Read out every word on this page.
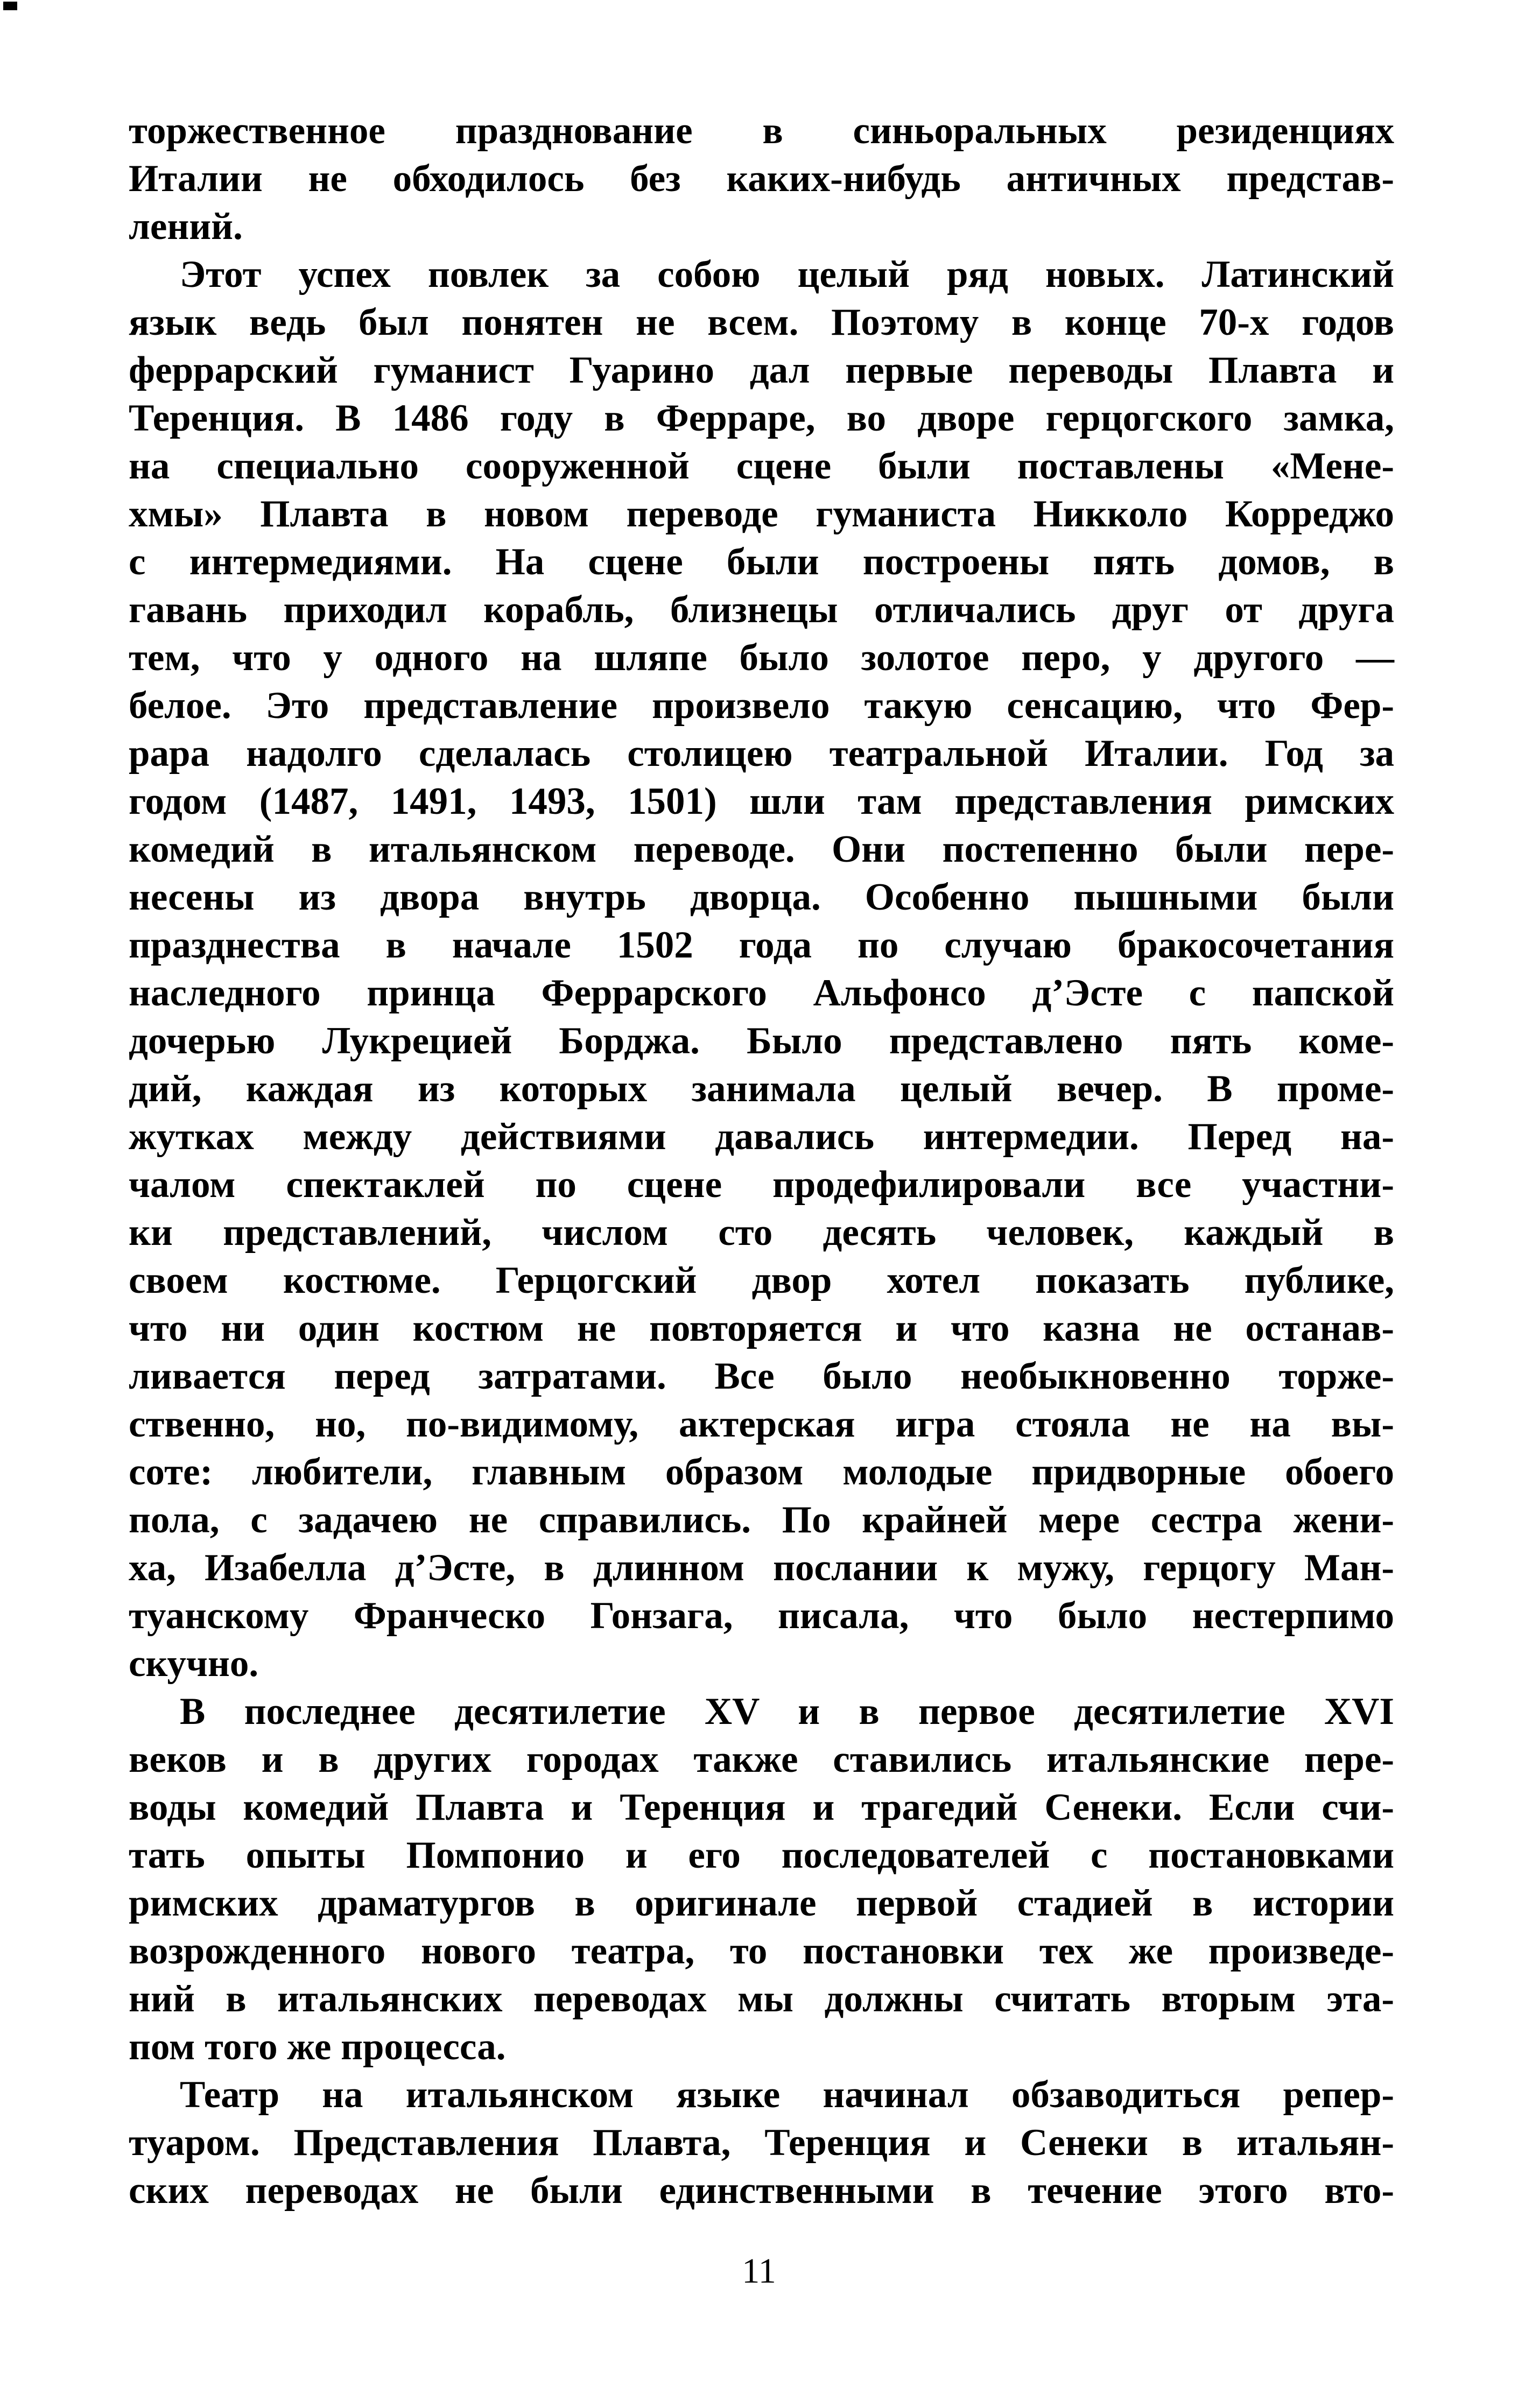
торжественное празднование в синьоральных резиденциях
Италии не обходилось без каких-нибудь античных представ-
лений.
Этот успех повлек за собою целый ряд новых. Латинский
язык ведь был понятен не всем. Поэтому в конце 70-х годов
феррарский гуманист Гуарино дал первые переводы Плавта и
Теренция. В 1486 году в Ферраре, во дворе герцогского замка,
на специально сооруженной сцене были поставлены «Мене-
хмы» Плавта в новом переводе гуманиста Никколо Корреджо
с интермедиями. На сцене были построены пять домов, в
гавань приходил корабль, близнецы отличались друг от друга
тем, что у одного на шляпе было золотое перо, у другого —
белое. Это представление произвело такую сенсацию, что Фер-
рара надолго сделалась столицею театральной Италии. Год за
годом (1487, 1491, 1493, 1501) шли там представления римских
комедий в итальянском переводе. Они постепенно были пере-
несены из двора внутрь дворца. Особенно пышными были
празднества в начале 1502 года по случаю бракосочетания
наследного принца Феррарского Альфонсо д’Эсте с папской
дочерью Лукрецией Борджа. Было представлено пять коме-
дий, каждая из которых занимала целый вечер. В проме-
жутках между действиями давались интермедии. Перед на-
чалом спектаклей по сцене продефилировали все участни-
ки представлений, числом сто десять человек, каждый в
своем костюме. Герцогский двор хотел показать публике,
что ни один костюм не повторяется и что казна не останав-
ливается перед затратами. Все было необыкновенно торже-
ственно, но, по-видимому, актерская игра стояла не на вы-
соте: любители, главным образом молодые придворные обоего
пола, с задачею не справились. По крайней мере сестра жени-
ха, Изабелла д’Эсте, в длинном послании к мужу, герцогу Ман-
туанскому Франческо Гонзага, писала, что было нестерпимо
скучно.
В последнее десятилетие XV и в первое десятилетие XVI
веков и в других городах также ставились итальянские пере-
воды комедий Плавта и Теренция и трагедий Сенеки. Если счи-
тать опыты Помпонио и его последователей с постановками
римских драматургов в оригинале первой стадией в истории
возрожденного нового театра, то постановки тех же произведе-
ний в итальянских переводах мы должны считать вторым эта-
пом того же процесса.
Театр на итальянском языке начинал обзаводиться репер-
туаром. Представления Плавта, Теренция и Сенеки в итальян-
ских переводах не были единственными в течение этого вто-
11
